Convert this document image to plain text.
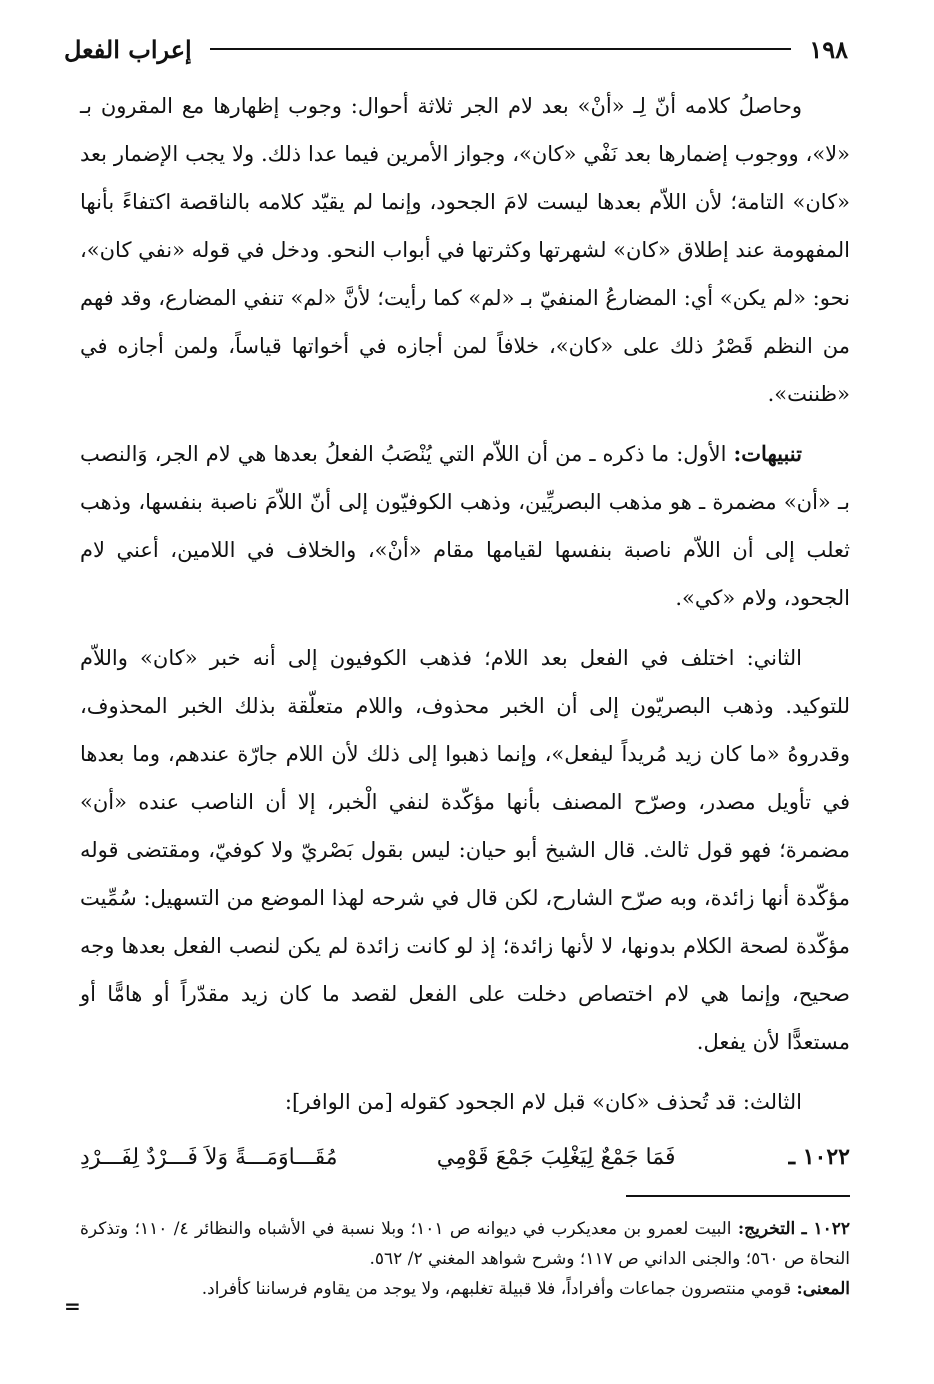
١٩٨
إعراب الفعل

وحاصلُ كلامه أنّ لِـ «أنْ» بعد لام الجر ثلاثة أحوال: وجوب إظهارها مع المقرون بـ «لا»، ووجوب إضمارها بعد نَفْي «كان»، وجواز الأمرين فيما عدا ذلك. ولا يجب الإضمار بعد «كان» التامة؛ لأن اللاّم بعدها ليست لامَ الجحود، وإنما لم يقيّد كلامه بالناقصة اكتفاءً بأنها المفهومة عند إطلاق «كان» لشهرتها وكثرتها في أبواب النحو. ودخل في قوله «نفي كان»، نحو: «لم يكن» أي: المضارعُ المنفيّ بـ «لم» كما رأيت؛ لأنَّ «لم» تنفي المضارع، وقد فهم من النظم قَصْرُ ذلك على «كان»، خلافاً لمن أجازه في أخواتها قياساً، ولمن أجازه في «ظننت».

تنبيهات: الأول: ما ذكره ـ من أن اللاّم التي يُنْصَبُ الفعلُ بعدها هي لام الجر، وَالنصب بـ «أن» مضمرة ـ هو مذهب البصريِّين، وذهب الكوفيّون إلى أنّ اللاّمَ ناصبة بنفسها، وذهب ثعلب إلى أن اللاّم ناصبة بنفسها لقيامها مقام «أنْ»، والخلاف في اللامين، أعني لام الجحود، ولام «كي».

الثاني: اختلف في الفعل بعد اللام؛ فذهب الكوفيون إلى أنه خبر «كان» واللاّم للتوكيد. وذهب البصريّون إلى أن الخبر محذوف، واللام متعلّقة بذلك الخبر المحذوف، وقدروهُ «ما كان زيد مُريداً ليفعل»، وإنما ذهبوا إلى ذلك لأن اللام جارّة عندهم، وما بعدها في تأويل مصدر، وصرّح المصنف بأنها مؤكّدة لنفي الْخبر، إلا أن الناصب عنده «أن» مضمرة؛ فهو قول ثالث. قال الشيخ أبو حيان: ليس بقول بَصْريّ ولا كوفيّ، ومقتضى قوله مؤكّدة أنها زائدة، وبه صرّح الشارح، لكن قال في شرحه لهذا الموضع من التسهيل: سُمِّيت مؤكّدة لصحة الكلام بدونها، لا لأنها زائدة؛ إذ لو كانت زائدة لم يكن لنصب الفعل بعدها وجه صحيح، وإنما هي لام اختصاص دخلت على الفعل لقصد ما كان زيد مقدّراً أو هامًّا أو مستعدًّا لأن يفعل.

الثالث: قد تُحذف «كان» قبل لام الجحود كقوله [من الوافر]:

١٠٢٢ ـ
فَمَا جَمْعٌ لِيَغْلِبَ جَمْعَ قَوْمِي
مُقَـــاوَمَـــةً وَلاَ فَـــرْدٌ لِفَـــرْدِ

١٠٢٢ ـ التخريج: البيت لعمرو بن معديكرب في ديوانه ص ١٠١؛ وبلا نسبة في الأشباه والنظائر ٤/ ١١٠؛ وتذكرة النحاة ص ٥٦٠؛ والجنى الداني ص ١١٧؛ وشرح شواهد المغني ٢/ ٥٦٢.

المعنى: قومي منتصرون جماعات وأفراداً، فلا قبيلة تغلبهم، ولا يوجد من يقاوم فرساننا كأفراد.

=
